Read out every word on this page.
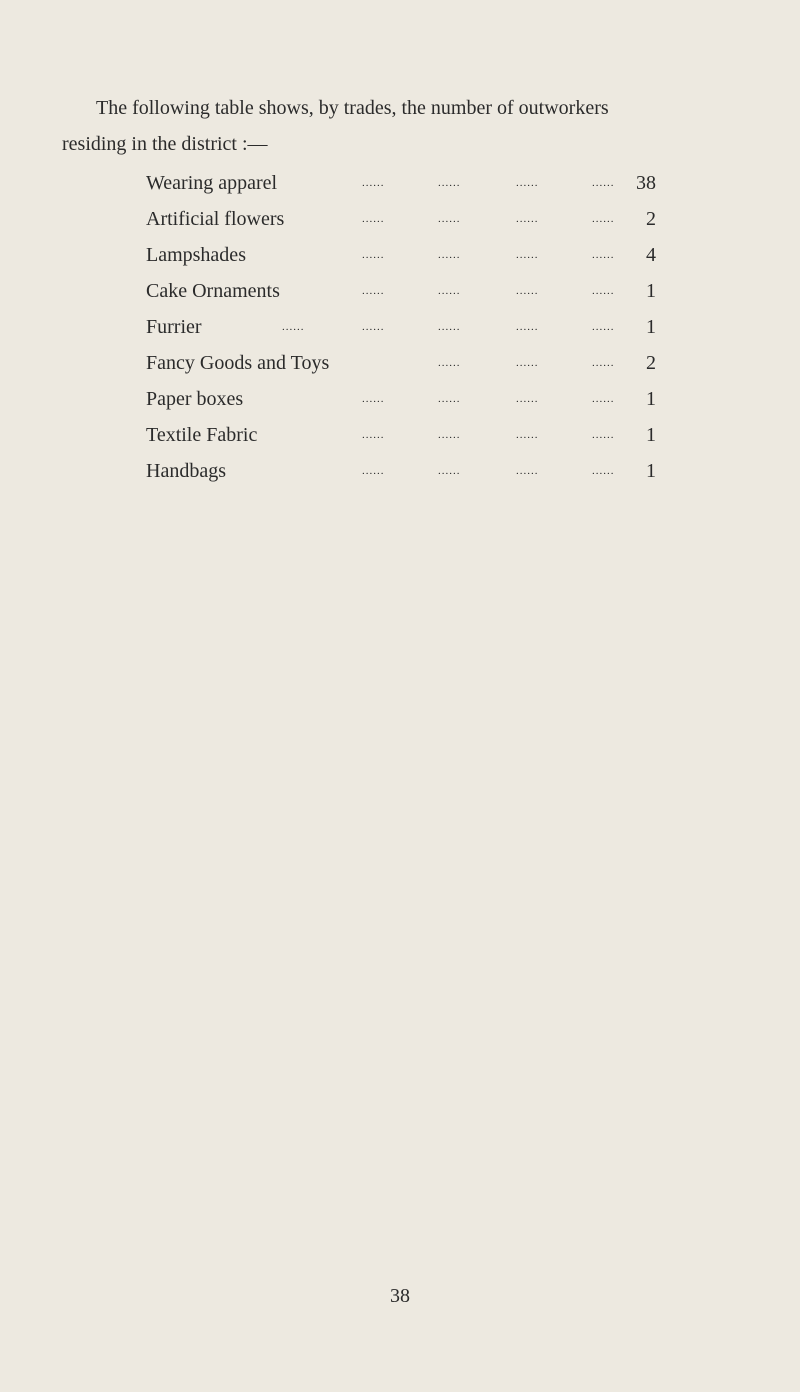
The following table shows, by trades, the number of outworkers
residing in the district :—
Wearing apparel	......	......	......	...... 38
Artificial flowers	......	......	......	...... 2
Lampshades	......	......	......	...... 4
Cake Ornaments	......	......	......	...... 1
Furrier	......	......	......	......	...... 1
Fancy Goods and Toys	......	......	...... 2
Paper boxes	......	......	......	...... 1
Textile Fabric	......	......	......	...... 1
Handbags	......	......	......	...... 1
38
